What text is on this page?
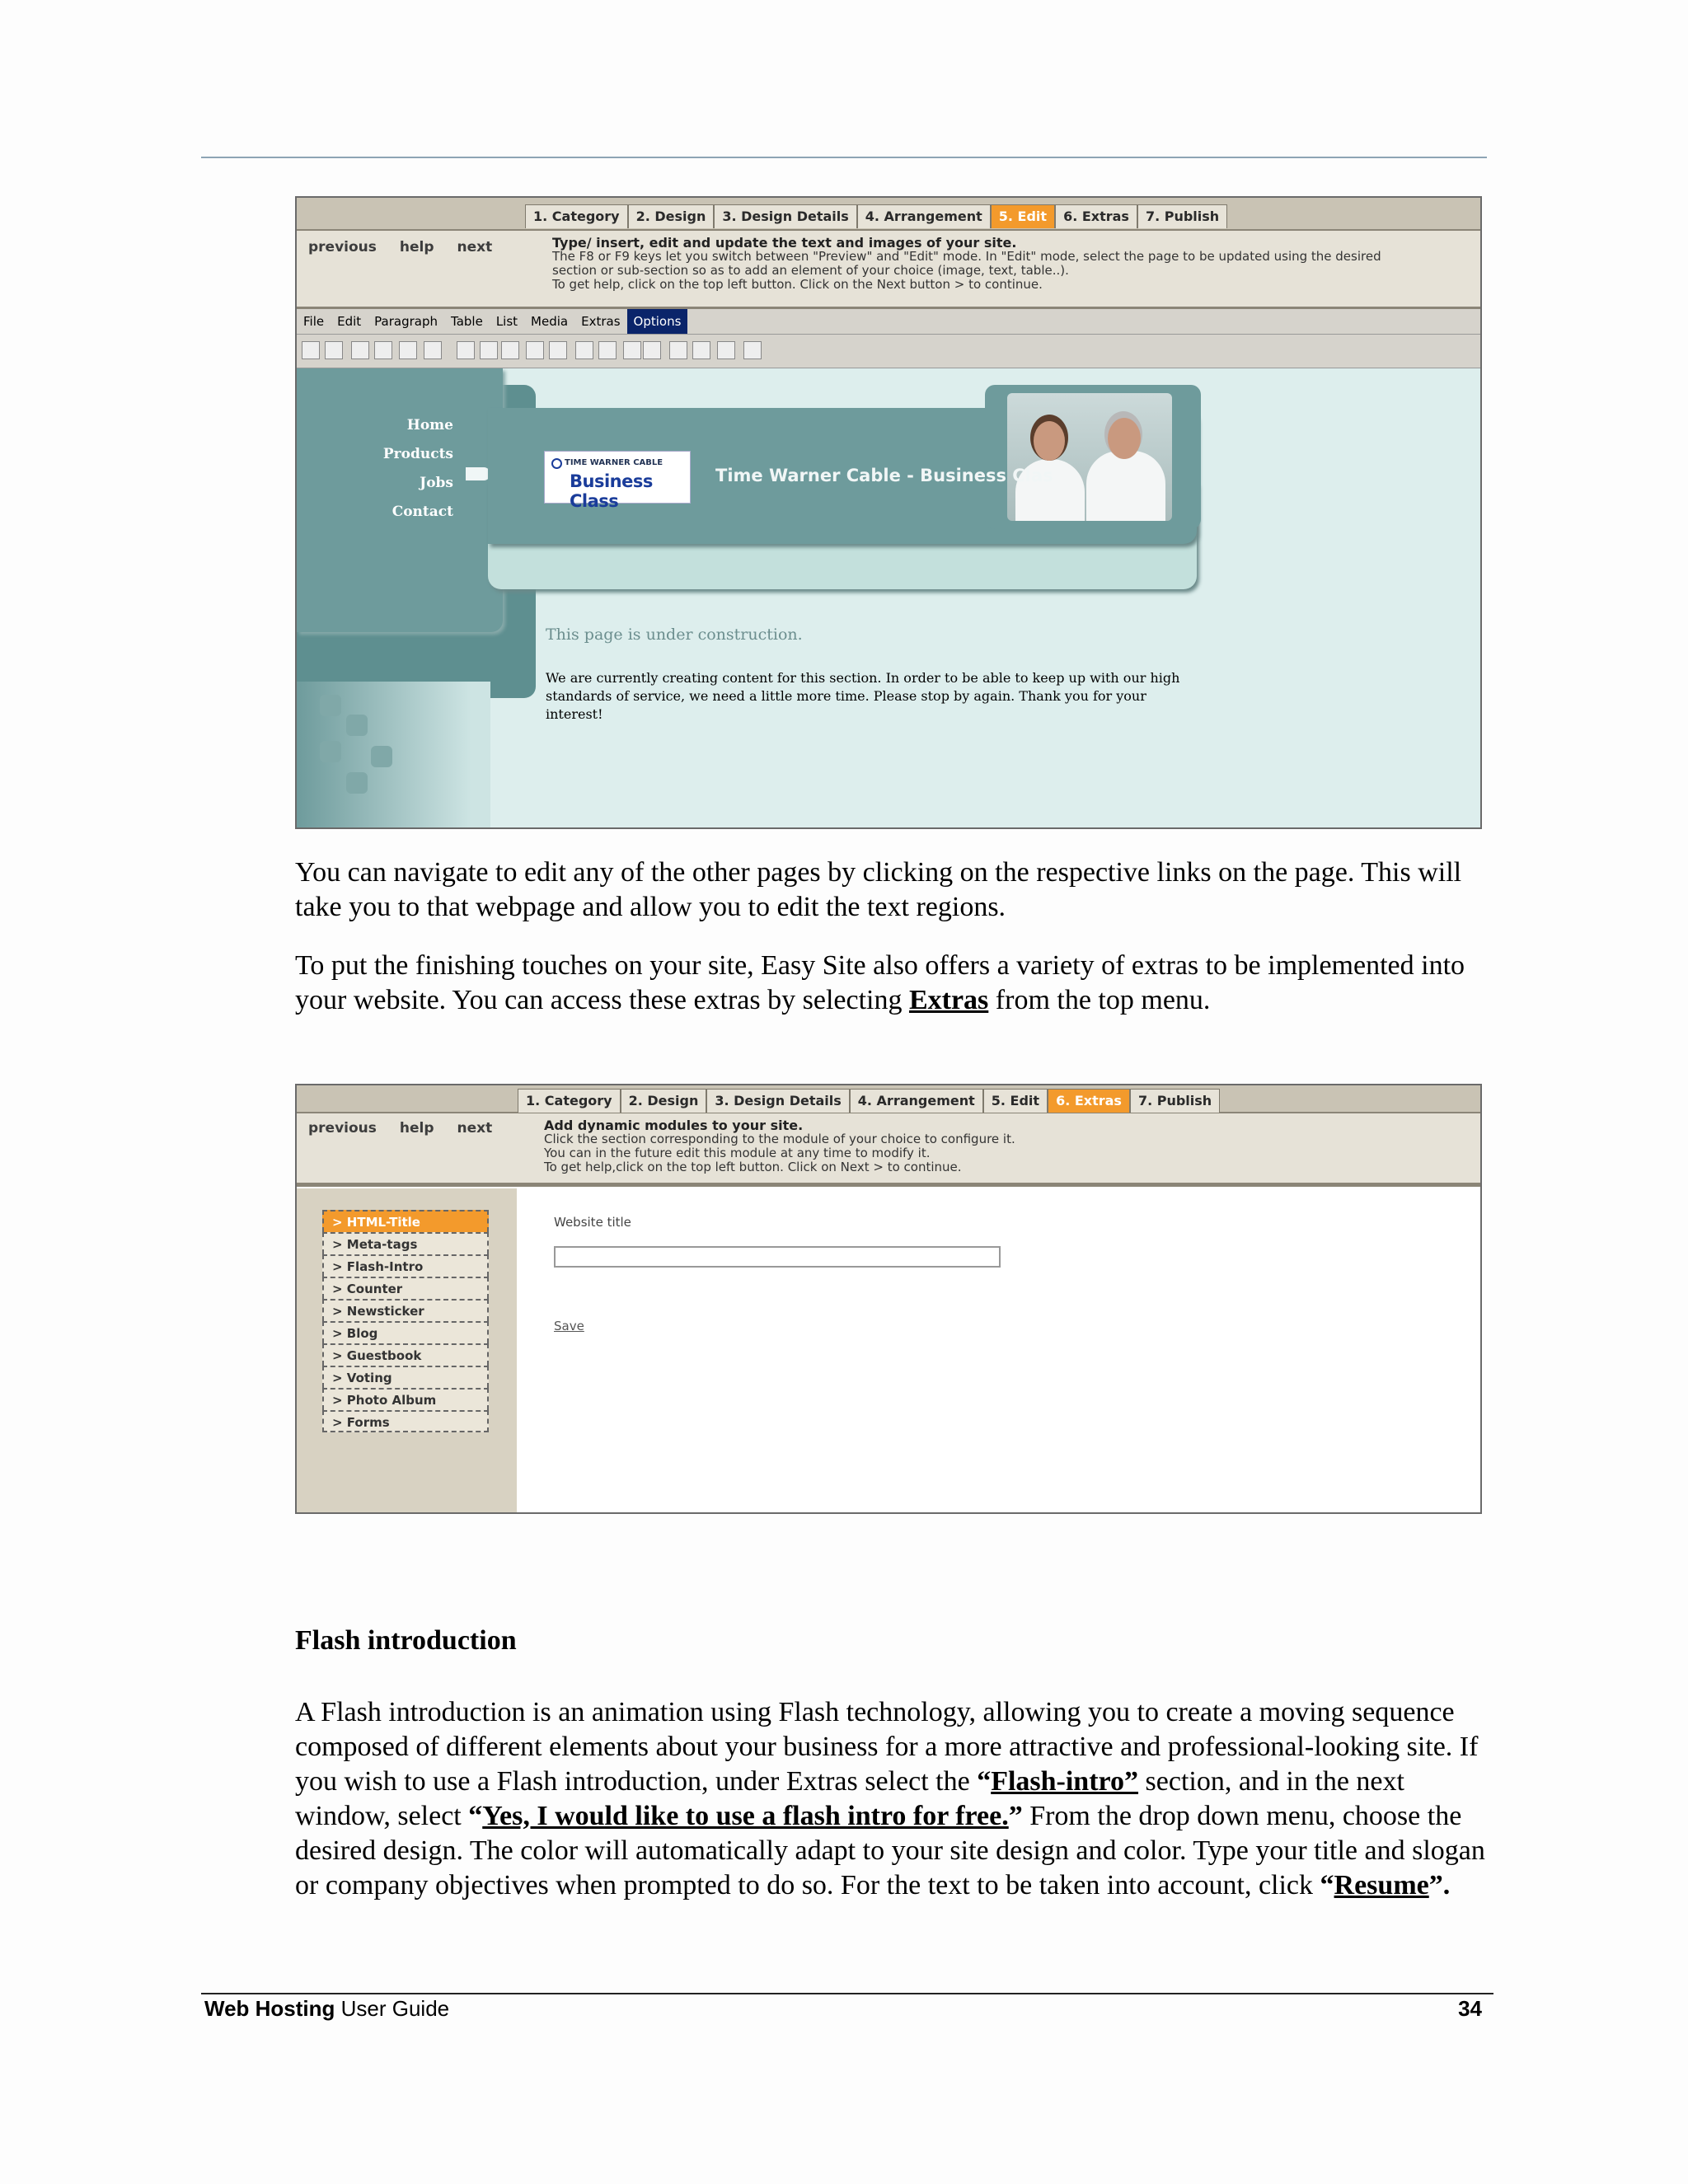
1. Category	2. Design	3. Design Details	4. Arrangement	5. Edit	6. Extras	7. Publish
previous help next	Type/ insert, edit and update the text and images of your site.
The F8 or F9 keys let you switch between "Preview" and "Edit" mode. In "Edit" mode, select the page to be updated using the desired
section or sub-section so as to add an element of your choice (image, text, table..).
To get help, click on the top left button. Click on the Next button > to continue.
File Edit Paragraph Table List Media Extras Options
Home
Products
Jobs
Contact
TIME WARNER CABLE
Business Class
Time Warner Cable - Business Clas
This page is under construction.
We are currently creating content for this section. In order to be able to keep up with our high
standards of service, we need a little more time. Please stop by again. Thank you for your interest!
You can navigate to edit any of the other pages by clicking on the respective links on the page. This will take you to that webpage and allow you to edit the text regions.
To put the finishing touches on your site, Easy Site also offers a variety of extras to be implemented into your website. You can access these extras by selecting Extras from the top menu.
1. Category	2. Design	3. Design Details	4. Arrangement	5. Edit	6. Extras	7. Publish
previous help next	Add dynamic modules to your site.
Click the section corresponding to the module of your choice to configure it.
You can in the future edit this module at any time to modify it.
To get help,click on the top left button. Click on Next > to continue.
> HTML-Title
> Meta-tags
> Flash-Intro
> Counter
> Newsticker
> Blog
> Guestbook
> Voting
> Photo Album
> Forms
Website title
Save
Flash introduction
A Flash introduction is an animation using Flash technology, allowing you to create a moving sequence composed of different elements about your business for a more attractive and professional-looking site. If you wish to use a Flash introduction, under Extras select the “Flash-intro” section, and in the next window, select “Yes, I would like to use a flash intro for free.” From the drop down menu, choose the desired design. The color will automatically adapt to your site design and color. Type your title and slogan or company objectives when prompted to do so. For the text to be taken into account, click “Resume”.
Web Hosting User Guide	34
